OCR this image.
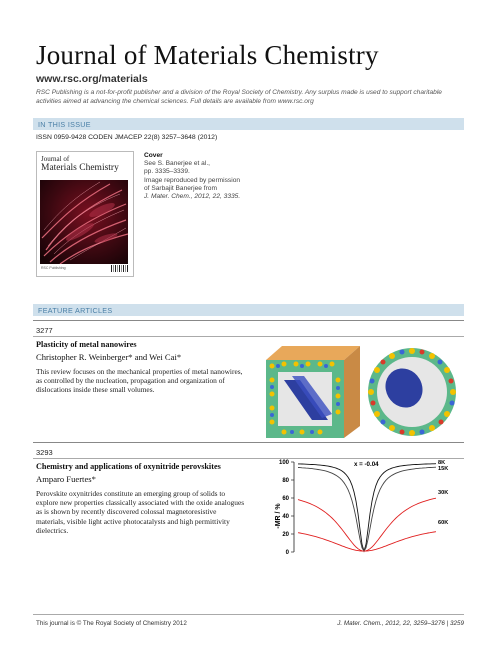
Journal of Materials Chemistry
www.rsc.org/materials
RSC Publishing is a not-for-profit publisher and a division of the Royal Society of Chemistry. Any surplus made is used to support charitable activities aimed at advancing the chemical sciences. Full details are available from www.rsc.org
IN THIS ISSUE
ISSN 0959-9428 CODEN JMACEP 22(8) 3257–3648 (2012)
Journal of
Materials Chemistry
RSC Publishing
Cover
See S. Banerjee et al.,
pp. 3335–3339.
Image reproduced by permission
of Sarbajit Banerjee from
J. Mater. Chem., 2012, 22, 3335.
FEATURE ARTICLES
3277
Plasticity of metal nanowires
Christopher R. Weinberger* and Wei Cai*
This review focuses on the mechanical properties of metal nanowires, as controlled by the nucleation, propagation and organization of dislocations inside these small volumes.
3293
Chemistry and applications of oxynitride perovskites
Amparo Fuertes*
Perovskite oxynitrides constitute an emerging group of solids to explore new properties classically associated with the oxide analogues as is shown by recently discovered colossal magnetoresistive materials, visible light active photocatalysts and high permittivity dielectrics.
-MR / %
0
20
40
60
80
100	x = -0.04	8K
15K
30K
60K
This journal is © The Royal Society of Chemistry 2012	J. Mater. Chem., 2012, 22, 3259–3276 | 3259
